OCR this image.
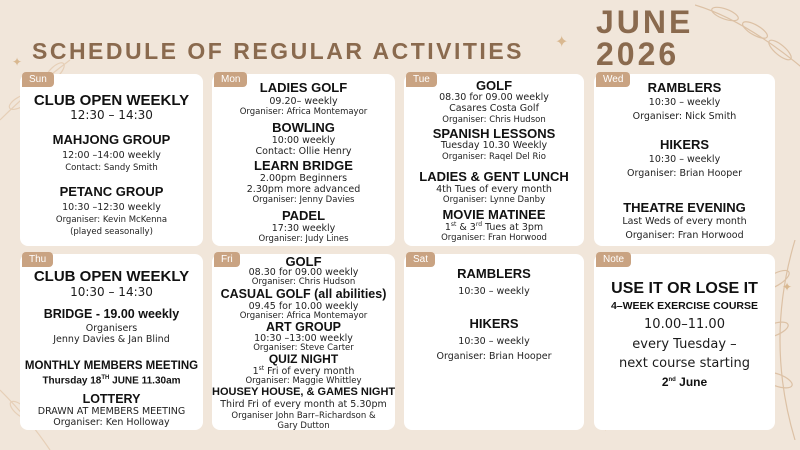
✦
✦
✦
SCHEDULE OF REGULAR ACTIVITIES
JUNE
2026
Sun
CLUB OPEN WEEKLY
12:30 – 14:30
MAHJONG GROUP
12:00 –14:00 weekly
Contact: Sandy Smith
PETANC GROUP
10:30 –12:30 weekly
Organiser: Kevin McKenna
(played seasonally)
Mon
LADIES GOLF
09.20– weekly
Organiser: Africa Montemayor
BOWLING
10:00 weekly
Contact: Ollie Henry
LEARN BRIDGE
2.00pm Beginners
2.30pm more advanced
Organiser: Jenny Davies
PADEL
17:30 weekly
Organiser: Judy Lines
Tue	GOLF
08.30 for 09.00 weekly
Casares Costa Golf
Organiser: Chris Hudson
SPANISH LESSONS
Tuesday 10.30 Weekly
Organiser: Raqel Del Rio
LADIES & GENT LUNCH
4th Tues of every month
Organiser: Lynne Danby
MOVIE MATINEE
1st & 3rd Tues at 3pm
Organiser: Fran Horwood
Wed
RAMBLERS
10:30 – weekly
Organiser: Nick Smith
HIKERS
10:30 – weekly
Organiser: Brian Hooper
THEATRE EVENING
Last Weds of every month
Organiser: Fran Horwood
Thu
CLUB OPEN WEEKLY
10:30 – 14:30
BRIDGE - 19.00 weekly
Organisers
Jenny Davies & Jan Blind
MONTHLY MEMBERS MEETING
Thursday 18TH JUNE 11.30am
LOTTERY
DRAWN AT MEMBERS MEETING
Organiser: Ken Holloway
Fri	GOLF
08.30 for 09.00 weekly
Organiser: Chris Hudson
CASUAL GOLF (all abilities)
09.45 for 10.00 weekly
Organiser: Africa Montemayor
ART GROUP
10:30 –13:00 weekly
Organiser: Steve Carter
QUIZ NIGHT
1st Fri of every month
Organiser: Maggie Whittley
HOUSEY HOUSE, & GAMES NIGHT
Third Fri of every month at 5.30pm
Organiser John Barr–Richardson &
Gary Dutton
Sat
RAMBLERS
10:30 – weekly
HIKERS
10:30 – weekly
Organiser: Brian Hooper
Note
USE IT OR LOSE IT
4–WEEK EXERCISE COURSE
10.00–11.00
every Tuesday –
next course starting
2nd June
